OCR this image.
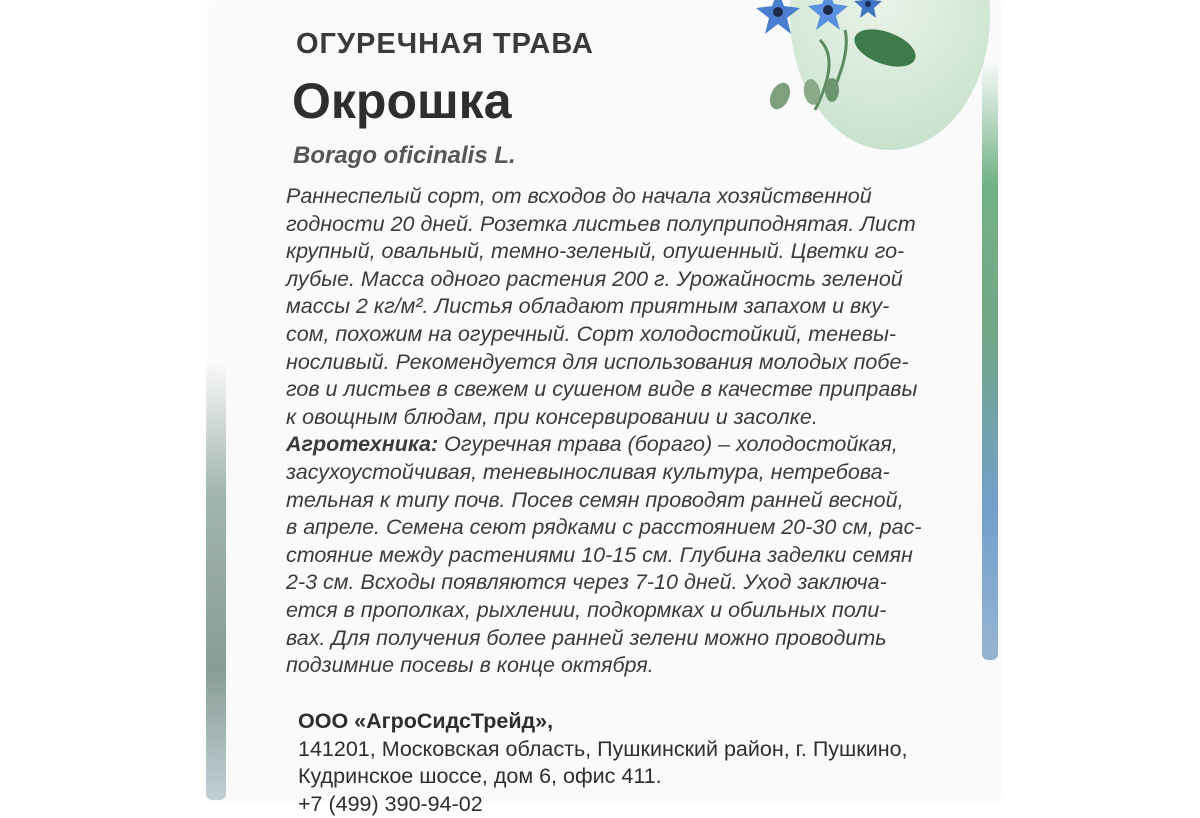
ОГУРЕЧНАЯ ТРАВА
Окрошка
Borago oficinalis L.
Раннеспелый сорт, от всходов до начала хозяйственной
годности 20 дней. Розетка листьев полуприподнятая. Лист
крупный, овальный, темно-зеленый, опушенный. Цветки го-
лубые. Масса одного растения 200 г. Урожайность зеленой
массы 2 кг/м². Листья обладают приятным запахом и вку-
сом, похожим на огуречный. Сорт холодостойкий, теневы-
носливый. Рекомендуется для использования молодых побе-
гов и листьев в свежем и сушеном виде в качестве приправы
к овощным блюдам, при консервировании и засолке.
Агротехника: Огуречная трава (бораго) – холодостойкая,
засухоустойчивая, теневыносливая культура, нетребова-
тельная к типу почв. Посев семян проводят ранней весной,
в апреле. Семена сеют рядками с расстоянием 20-30 см, рас-
стояние между растениями 10-15 см. Глубина заделки семян
2-3 см. Всходы появляются через 7-10 дней. Уход заключа-
ется в прополках, рыхлении, подкормках и обильных поли-
вах. Для получения более ранней зелени можно проводить
подзимние посевы в конце октября.
ООО «АгроСидсТрейд»,
141201, Московская область, Пушкинский район, г. Пушкино,
Кудринское шоссе, дом 6, офис 411.
+7 (499) 390-94-02
